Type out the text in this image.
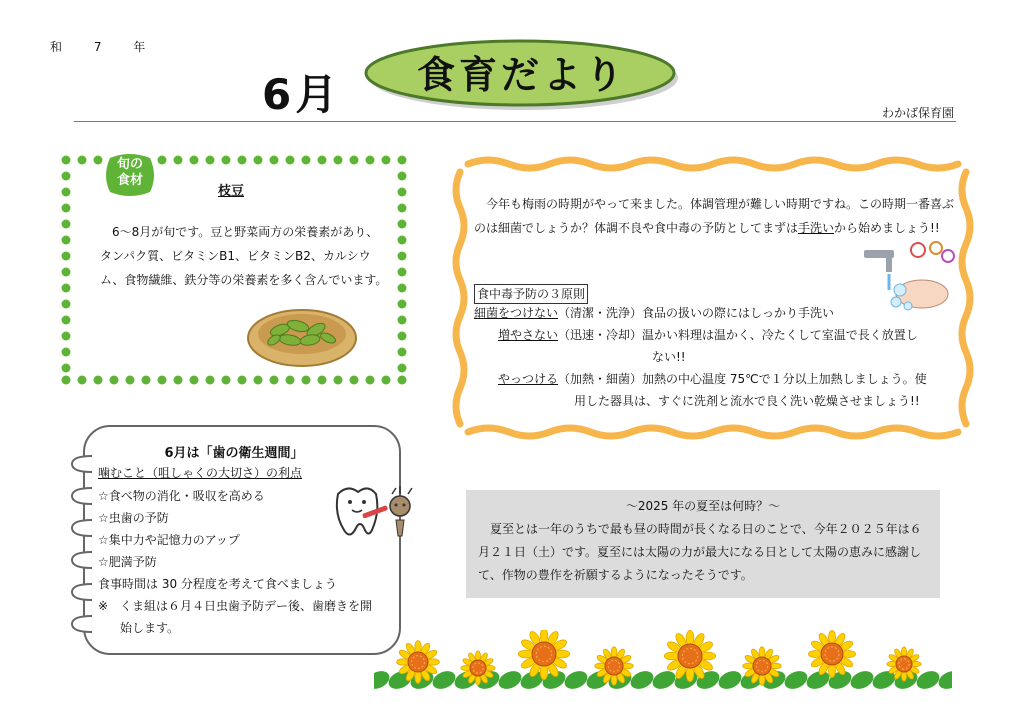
和 7 年
6月	食育だより
わかば保育園
旬の
食材
枝豆
6～8月が旬です。豆と野菜両方の栄養素があり、タンパク質、ビタミンB1、ビタミンB2、カルシウム、食物繊維、鉄分等の栄養素を多く含んでいます。
今年も梅雨の時期がやって来ました。体調管理が難しい時期ですね。この時期一番喜ぶのは細菌でしょうか？体調不良や食中毒の予防としてまずは手洗いから始めましょう!!
食中毒予防の３原則
細菌をつけない（清潔・洗浄）食品の扱いの際にはしっかり手洗い
増やさない（迅速・冷却）温かい料理は温かく、冷たくして室温で長く放置し
ない!!
やっつける（加熱・細菌）加熱の中心温度 75℃で１分以上加熱しましょう。使
用した器具は、すぐに洗剤と流水で良く洗い乾燥させましょう!!
6月は「歯の衛生週間」
噛むこと（咀しゃくの大切さ）の利点
☆食べ物の消化・吸収を高める
☆虫歯の予防
☆集中力や記憶力のアップ
☆肥満予防
食事時間は 30 分程度を考えて食べましょう
※　くま組は６月４日虫歯予防デー後、歯磨きを開
始します。
～2025 年の夏至は何時？～
夏至とは一年のうちで最も昼の時間が長くなる日のことで、今年２０２５年は６月２１日（土）です。夏至には太陽の力が最大になる日として太陽の恵みに感謝して、作物の豊作を祈願するようになったそうです。
